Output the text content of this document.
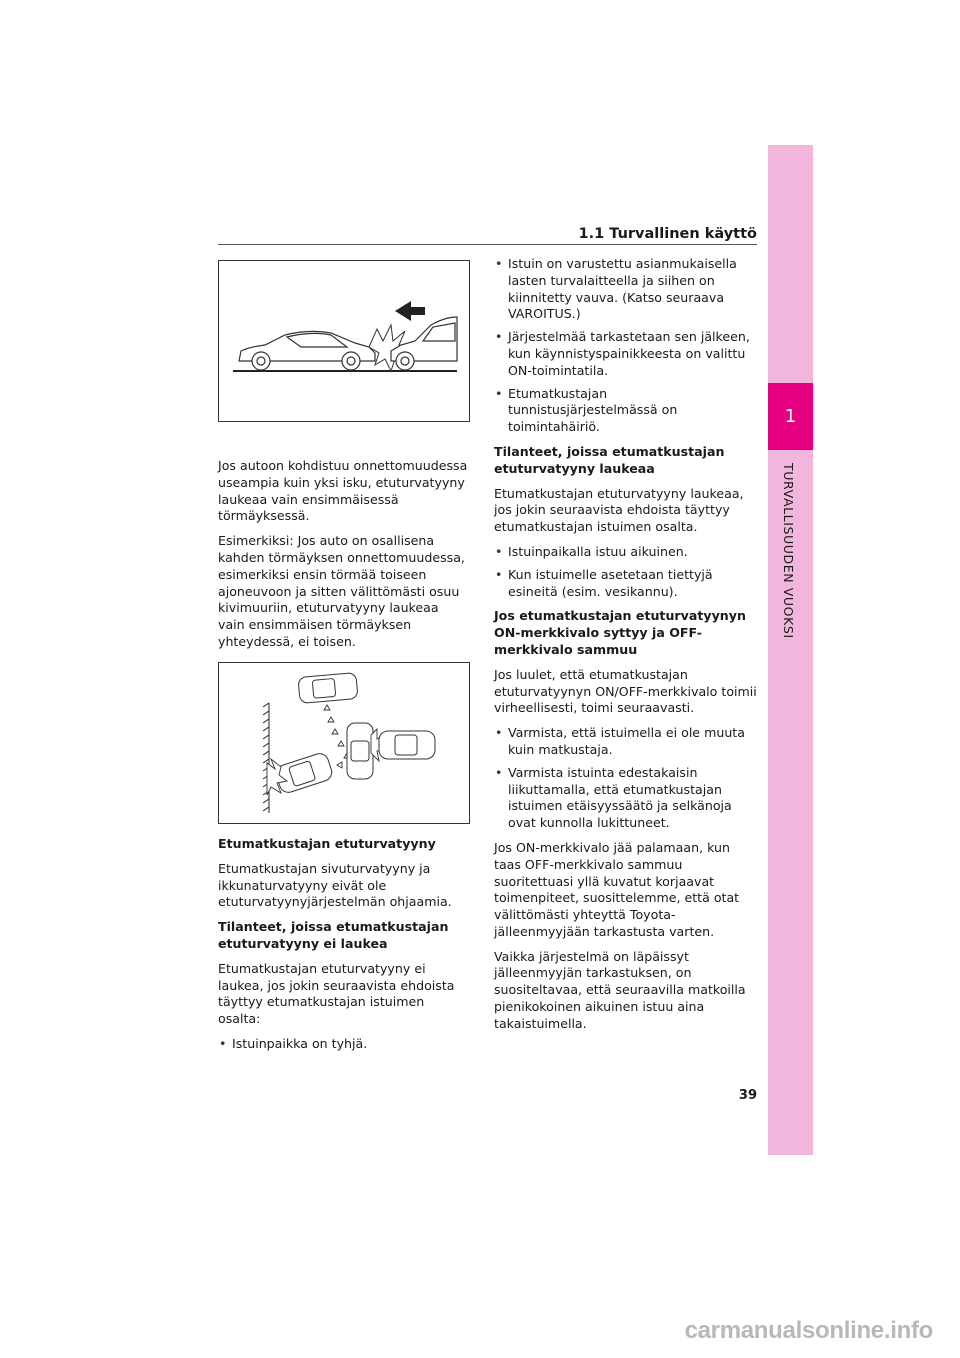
1.1 Turvallinen käyttö
1
TURVALLISUUDEN VUOKSI

Jos autoon kohdistuu onnettomuudessa useampia kuin yksi isku, etuturvatyyny laukeaa vain ensimmäisessä törmäyksessä.

Esimerkiksi: Jos auto on osallisena kahden törmäyksen onnettomuudessa, esimerkiksi ensin törmää toiseen ajoneuvoon ja sitten välittömästi osuu kivimuuriin, etuturvatyyny laukeaa vain ensimmäisen törmäyksen yhteydessä, ei toisen.

Etumatkustajan etuturvatyyny

Etumatkustajan sivuturvatyyny ja ikkunaturvatyyny eivät ole etuturvatyynyjärjestelmän ohjaamia.

Tilanteet, joissa etumatkustajan etuturvatyyny ei laukea

Etumatkustajan etuturvatyyny ei laukea, jos jokin seuraavista ehdoista täyttyy etumatkustajan istuimen osalta:

• Istuinpaikka on tyhjä.
• Istuin on varustettu asianmukaisella lasten turvalaitteella ja siihen on kiinnitetty vauva. (Katso seuraava VAROITUS.)
• Järjestelmää tarkastetaan sen jälkeen, kun käynnistyspainikkeesta on valittu ON-toimintatila.
• Etumatkustajan tunnistusjärjestelmässä on toimintahäiriö.
Tilanteet, joissa etumatkustajan etuturvatyyny laukeaa

Etumatkustajan etuturvatyyny laukeaa, jos jokin seuraavista ehdoista täyttyy etumatkustajan istuimen osalta.

• Istuinpaikalla istuu aikuinen.
• Kun istuimelle asetetaan tiettyjä esineitä (esim. vesikannu).
Jos etumatkustajan etuturvatyynyn ON-merkkivalo syttyy ja OFF-merkkivalo sammuu

Jos luulet, että etumatkustajan etuturvatyynyn ON/OFF-merkkivalo toimii virheellisesti, toimi seuraavasti.

• Varmista, että istuimella ei ole muuta kuin matkustaja.
• Varmista istuinta edestakaisin liikuttamalla, että etumatkustajan istuimen etäisyyssäätö ja selkänoja ovat kunnolla lukittuneet.

Jos ON-merkkivalo jää palamaan, kun taas OFF-merkkivalo sammuu suoritettuasi yllä kuvatut korjaavat toimenpiteet, suosittelemme, että otat välittömästi yhteyttä Toyota-jälleenmyyjään tarkastusta varten.

Vaikka järjestelmä on läpäissyt jälleenmyyjän tarkastuksen, on suositeltavaa, että seuraavilla matkoilla pienikokoinen aikuinen istuu aina takaistuimella.

39
carmanualsonline.info
